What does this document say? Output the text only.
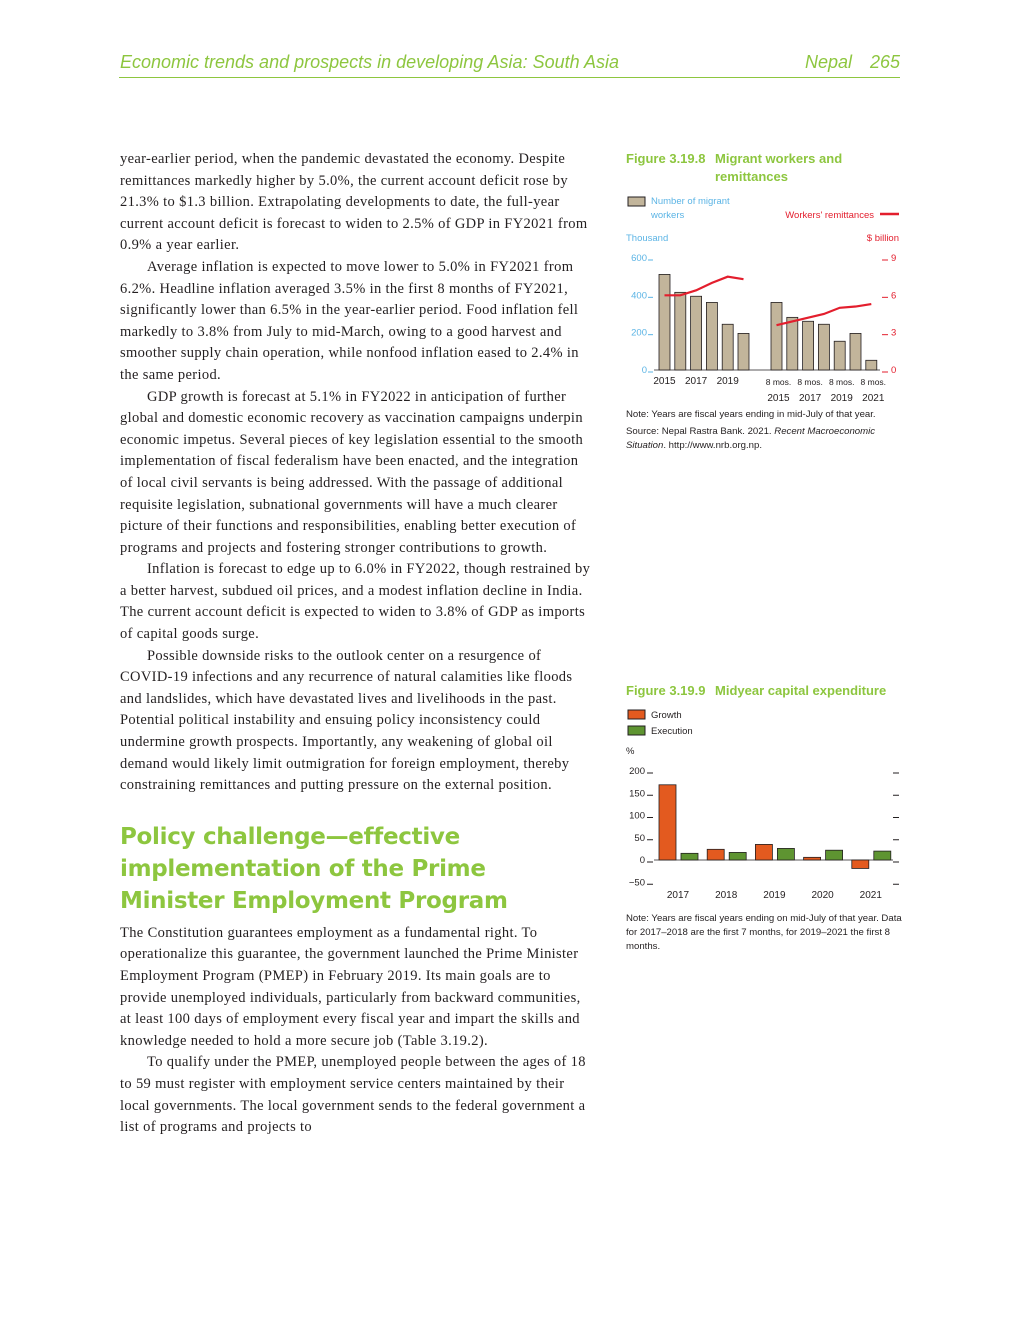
Economic trends and prospects in developing Asia: South Asia	Nepal 265

year-earlier period, when the pandemic devastated the economy. Despite remittances markedly higher by 5.0%, the current account deficit rose by 21.3% to $1.3 billion. Extrapolating developments to date, the full-year current account deficit is forecast to widen to 2.5% of GDP in FY2021 from 0.9% a year earlier.

Average inflation is expected to move lower to 5.0% in FY2021 from 6.2%. Headline inflation averaged 3.5% in the first 8 months of FY2021, significantly lower than 6.5% in the year-earlier period. Food inflation fell markedly to 3.8% from July to mid-March, owing to a good harvest and smoother supply chain operation, while nonfood inflation eased to 2.4% in the same period.

GDP growth is forecast at 5.1% in FY2022 in anticipation of further global and domestic economic recovery as vaccination campaigns underpin economic impetus. Several pieces of key legislation essential to the smooth implementation of fiscal federalism have been enacted, and the integration of local civil servants is being addressed. With the passage of additional requisite legislation, subnational governments will have a much clearer picture of their functions and responsibilities, enabling better execution of programs and projects and fostering stronger contributions to growth.

Inflation is forecast to edge up to 6.0% in FY2022, though restrained by a better harvest, subdued oil prices, and a modest inflation decline in India. The current account deficit is expected to widen to 3.8% of GDP as imports of capital goods surge.

Possible downside risks to the outlook center on a resurgence of COVID-19 infections and any recurrence of natural calamities like floods and landslides, which have devastated lives and livelihoods in the past. Potential political instability and ensuing policy inconsistency could undermine growth prospects. Importantly, any weakening of global oil demand would likely limit outmigration for foreign employment, thereby constraining remittances and putting pressure on the external position.

Policy challenge—effective implementation of the Prime Minister Employment Program

The Constitution guarantees employment as a fundamental right. To operationalize this guarantee, the government launched the Prime Minister Employment Program (PMEP) in February 2019. Its main goals are to provide unemployed individuals, particularly from backward communities, at least 100 days of employment every fiscal year and impart the skills and knowledge needed to hold a more secure job (Table 3.19.2).

To qualify under the PMEP, unemployed people between the ages of 18 to 59 must register with employment service centers maintained by their local governments. The local government sends to the federal government a list of programs and projects to

Figure 3.19.8 Migrant workers and remittances
Number of migrant
workers	Workers' remittances
Thousand	$ billion
0
200
400
600
0
3
6
9
2015 2017 2019	8 mos. 8 mos. 8 mos. 8 mos.
2015 2017 2019 2021
Note: Years are fiscal years ending in mid-July of that year.
Source: Nepal Rastra Bank. 2021. Recent Macroeconomic Situation. http://www.nrb.org.np.
Figure 3.19.9 Midyear capital expenditure
Growth
Execution
%
−50
0
50
100
150
200
2017	2018	2019	2020	2021
Note: Years are fiscal years ending on mid-July of that year. Data for 2017–2018 are the first 7 months, for 2019–2021 the first 8 months.
